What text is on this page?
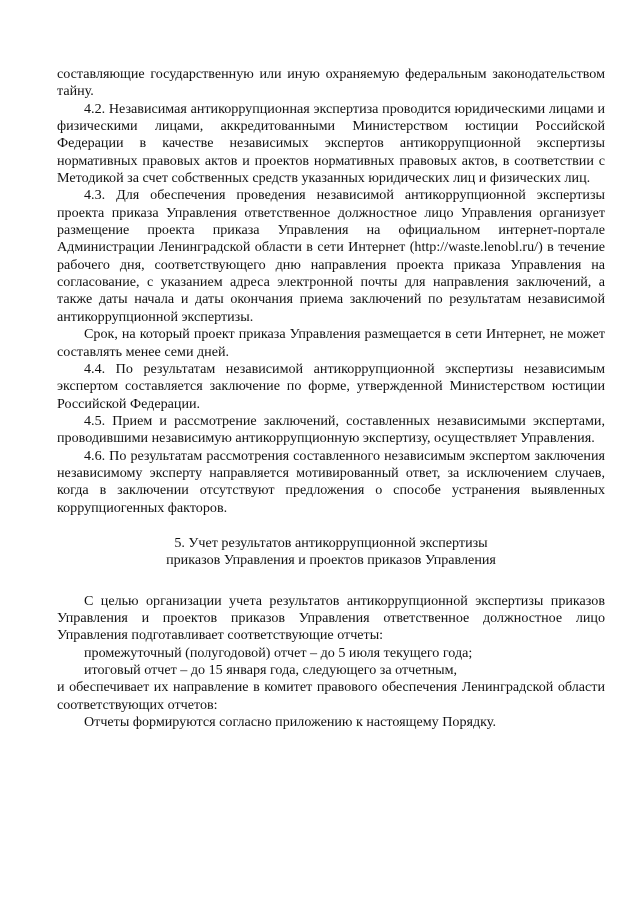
составляющие государственную или иную охраняемую федеральным законодательством тайну.

4.2. Независимая антикоррупционная экспертиза проводится юридическими лицами и физическими лицами, аккредитованными Министерством юстиции Российской Федерации в качестве независимых экспертов антикоррупционной экспертизы нормативных правовых актов и проектов нормативных правовых актов, в соответствии с Методикой за счет собственных средств указанных юридических лиц и физических лиц.

4.3. Для обеспечения проведения независимой антикоррупционной экспертизы проекта приказа Управления ответственное должностное лицо Управления организует размещение проекта приказа Управления на официальном интернет-портале Администрации Ленинградской области в сети Интернет (http://waste.lenobl.ru/) в течение рабочего дня, соответствующего дню направления проекта приказа Управления на согласование, с указанием адреса электронной почты для направления заключений, а также даты начала и даты окончания приема заключений по результатам независимой антикоррупционной экспертизы.

Срок, на который проект приказа Управления размещается в сети Интернет, не может составлять менее семи дней.

4.4. По результатам независимой антикоррупционной экспертизы независимым экспертом составляется заключение по форме, утвержденной Министерством юстиции Российской Федерации.

4.5. Прием и рассмотрение заключений, составленных независимыми экспертами, проводившими независимую антикоррупционную экспертизу, осуществляет Управления.

4.6. По результатам рассмотрения составленного независимым экспертом заключения независимому эксперту направляется мотивированный ответ, за исключением случаев, когда в заключении отсутствуют предложения о способе устранения выявленных коррупциогенных факторов.

5. Учет результатов антикоррупционной экспертизы
приказов Управления и проектов приказов Управления

С целью организации учета результатов антикоррупционной экспертизы приказов Управления и проектов приказов Управления ответственное должностное лицо Управления подготавливает соответствующие отчеты:

промежуточный (полугодовой) отчет – до 5 июля текущего года;

итоговый отчет – до 15 января года, следующего за отчетным,

и обеспечивает их направление в комитет правового обеспечения Ленинградской области соответствующих отчетов:

Отчеты формируются согласно приложению к настоящему Порядку.
